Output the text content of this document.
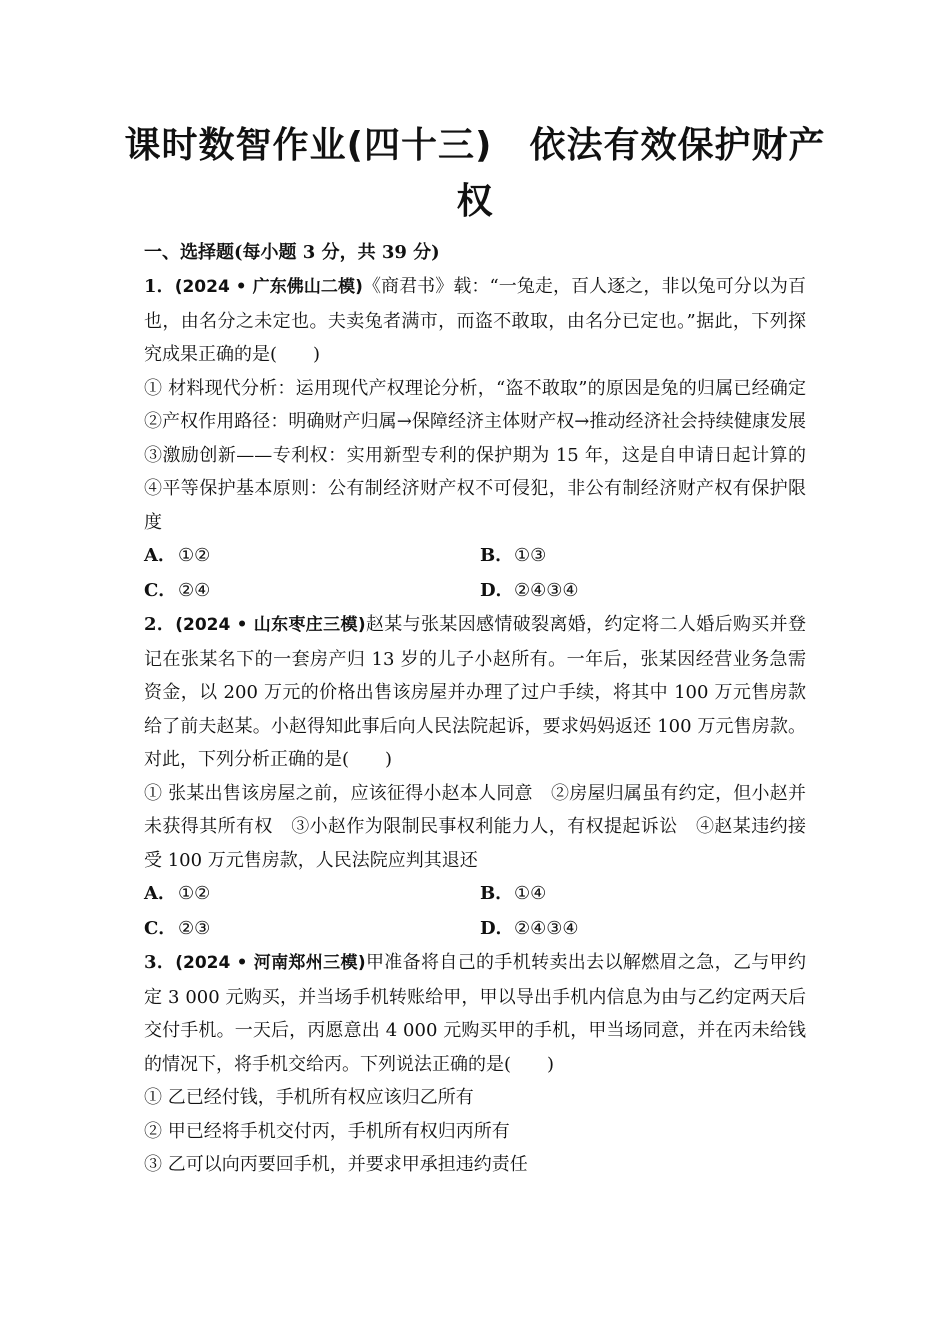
课时数智作业(四十三)　依法有效保护财产权
一、选择题(每小题 3 分，共 39 分)
1．(2024 • 广东佛山二模)《商君书》载：“一兔走，百人逐之，非以兔可分以为百也，由名分之未定也。夫卖兔者满市，而盗不敢取，由名分已定也。”据此，下列探究成果正确的是(　　)
① 材料现代分析：运用现代产权理论分析，“盗不敢取”的原因是兔的归属已经确定　②产权作用路径：明确财产归属→保障经济主体财产权→推动经济社会持续健康发展　③激励创新——专利权：实用新型专利的保护期为 15 年，这是自申请日起计算的　④平等保护基本原则：公有制经济财产权不可侵犯，非公有制经济财产权有保护限度
A． ①②	B．①③
C．②④	D．②④③④
2．(2024 • 山东枣庄三模)赵某与张某因感情破裂离婚，约定将二人婚后购买并登记在张某名下的一套房产归 13 岁的儿子小赵所有。一年后，张某因经营业务急需资金，以 200 万元的价格出售该房屋并办理了过户手续，将其中 100 万元售房款给了前夫赵某。小赵得知此事后向人民法院起诉，要求妈妈返还 100 万元售房款。对此，下列分析正确的是(　　)
① 张某出售该房屋之前，应该征得小赵本人同意　②房屋归属虽有约定，但小赵并未获得其所有权　③小赵作为限制民事权利能力人，有权提起诉讼　④赵某违约接受 100 万元售房款，人民法院应判其退还
A． ①②	B．①④
C．②③	D．②④③④
3．(2024 • 河南郑州三模)甲准备将自己的手机转卖出去以解燃眉之急，乙与甲约定 3 000 元购买，并当场手机转账给甲，甲以导出手机内信息为由与乙约定两天后交付手机。一天后，丙愿意出 4 000 元购买甲的手机，甲当场同意，并在丙未给钱的情况下，将手机交给丙。下列说法正确的是(　　)
① 乙已经付钱，手机所有权应该归乙所有
② 甲已经将手机交付丙，手机所有权归丙所有
③ 乙可以向丙要回手机，并要求甲承担违约责任
